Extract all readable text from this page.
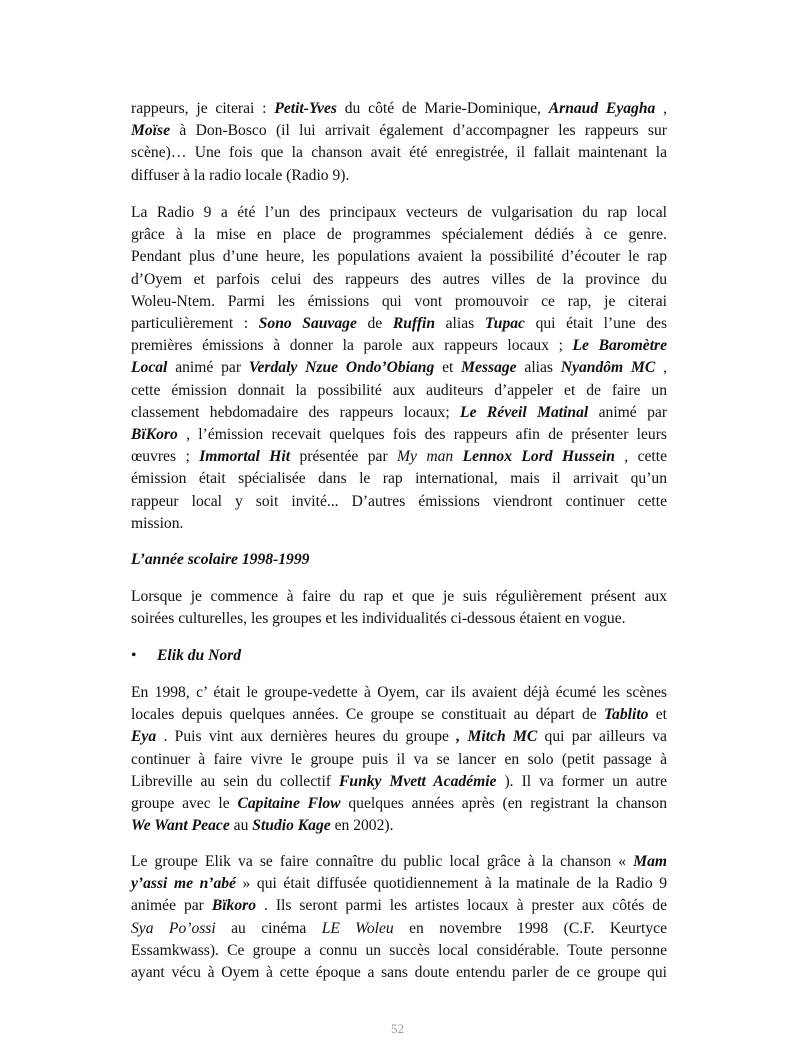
rappeurs, je citerai : Petit-Yves du côté de Marie-Dominique, Arnaud Eyagha ,
Moïse à Don-Bosco (il lui arrivait également d’accompagner les rappeurs sur
scène)… Une fois que la chanson avait été enregistrée, il fallait maintenant la
diffuser à la radio locale (Radio 9).
La Radio 9 a été l’un des principaux vecteurs de vulgarisation du rap local
grâce à la mise en place de programmes spécialement dédiés à ce genre.
Pendant plus d’une heure, les populations avaient la possibilité d’écouter le rap
d’Oyem et parfois celui des rappeurs des autres villes de la province du
Woleu-Ntem. Parmi les émissions qui vont promouvoir ce rap, je citerai
particulièrement : Sono Sauvage de Ruffin alias Tupac qui était l’une des
premières émissions à donner la parole aux rappeurs locaux ; Le Baromètre
Local animé par Verdaly Nzue Ondo’Obiang et Message alias Nyandôm MC ,
cette émission donnait la possibilité aux auditeurs d’appeler et de faire un
classement hebdomadaire des rappeurs locaux; Le Réveil Matinal animé par
BïKoro , l’émission recevait quelques fois des rappeurs afin de présenter leurs
œuvres ; Immortal Hit présentée par My man Lennox Lord Hussein , cette
émission était spécialisée dans le rap international, mais il arrivait qu’un
rappeur local y soit invité... D’autres émissions viendront continuer cette
mission.
L’année scolaire 1998-1999
Lorsque je commence à faire du rap et que je suis régulièrement présent aux
soirées culturelles, les groupes et les individualités ci-dessous étaient en vogue.
• Elik du Nord
En 1998, c’ était le groupe-vedette à Oyem, car ils avaient déjà écumé les scènes
locales depuis quelques années. Ce groupe se constituait au départ de Tablito et
Eya . Puis vint aux dernières heures du groupe , Mitch MC qui par ailleurs va
continuer à faire vivre le groupe puis il va se lancer en solo (petit passage à
Libreville au sein du collectif Funky Mvett Académie ). Il va former un autre
groupe avec le Capitaine Flow quelques années après (en registrant la chanson
We Want Peace au Studio Kage en 2002).
Le groupe Elik va se faire connaître du public local grâce à la chanson « Mam
y’assi me n’abé » qui était diffusée quotidiennement à la matinale de la Radio 9
animée par Bïkoro . Ils seront parmi les artistes locaux à prester aux côtés de
Sya Po’ossi au cinéma LE Woleu en novembre 1998 (C.F. Keurtyce
Essamkwass). Ce groupe a connu un succès local considérable. Toute personne
ayant vécu à Oyem à cette époque a sans doute entendu parler de ce groupe qui
52
